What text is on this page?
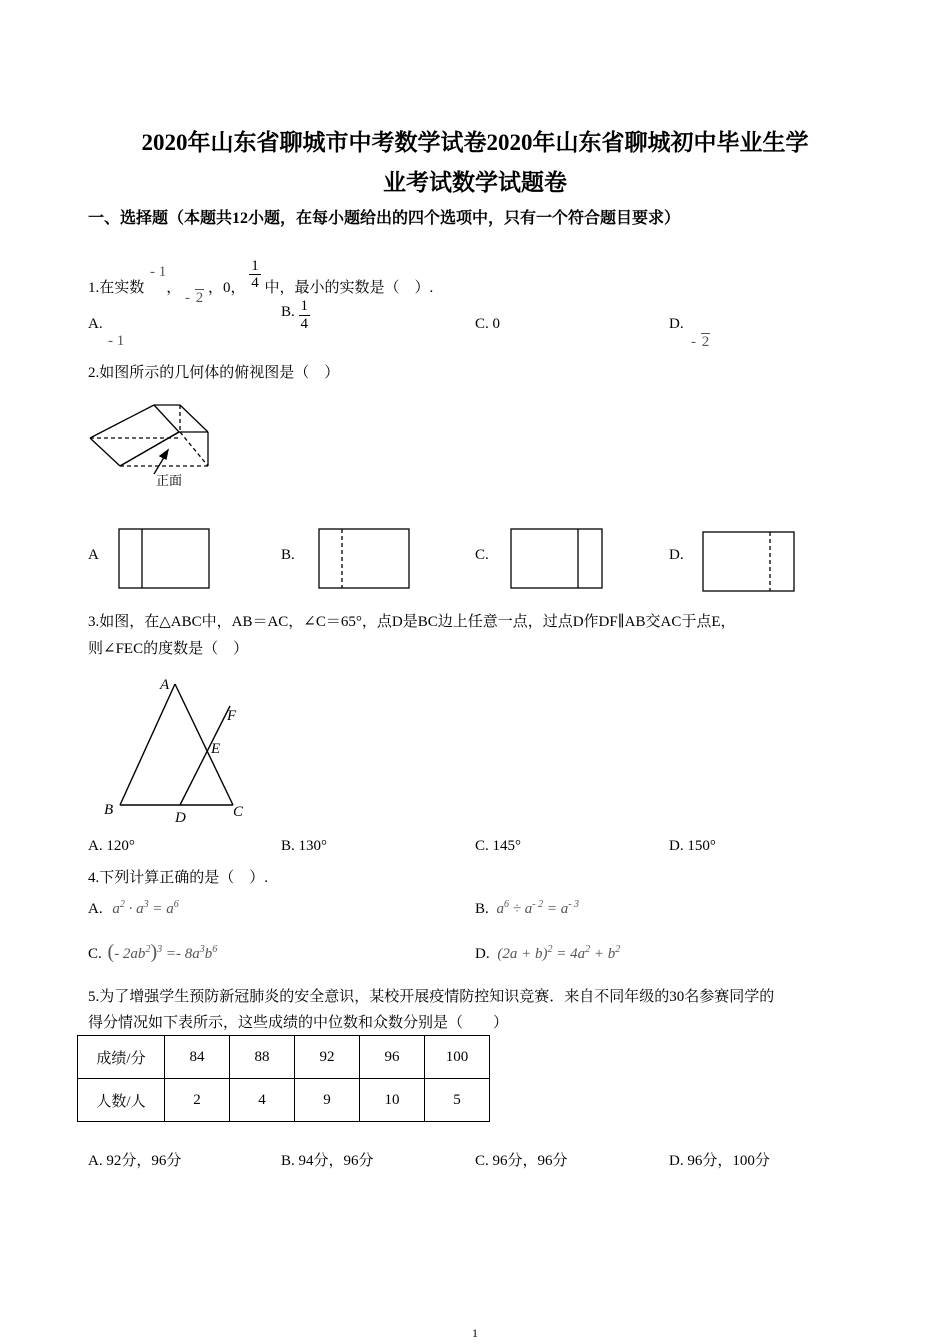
2020年山东省聊城市中考数学试卷2020年山东省聊城初中毕业生学
业考试数学试题卷
一、选择题（本题共12小题，在每小题给出的四个选项中，只有一个符合题目要求）
1.在实数 - 1， - 2 ，0， $\frac{1}{4}$ 中，最小的实数是（　）.
A.
- 1
B. $\frac{1}{4}$	C. 0	D.
- 2
2.如图所示的几何体的俯视图是（　）
正面
A	B.	C.	D.
3.如图，在△ABC中，AB＝AC，∠C＝65°，点D是BC边上任意一点，过点D作DF∥AB交AC于点E，
则∠FEC的度数是（　）
A
B	C
D
E
F
A. 120°	B. 130°	C. 145°	D. 150°
4.下列计算正确的是（　）.
A. $a^2 \cdot a^3 = a^6$	B. $a^6 \div a^{- 2} = a^{- 3}$
C. (- $2ab^2)^3 =- 8a^3b^6$	D. $(2a + b)^2 = 4a^2 + b^2$
5.为了增强学生预防新冠肺炎的安全意识，某校开展疫情防控知识竞赛．来自不同年级的30名参赛同学的
得分情况如下表所示，这些成绩的中位数和众数分别是（　　）
成绩/分	84	88	92	96	100
人数/人	2	4	9	10	5
A. 92分，96分	B. 94分，96分	C. 96分，96分	D. 96分，100分
1
